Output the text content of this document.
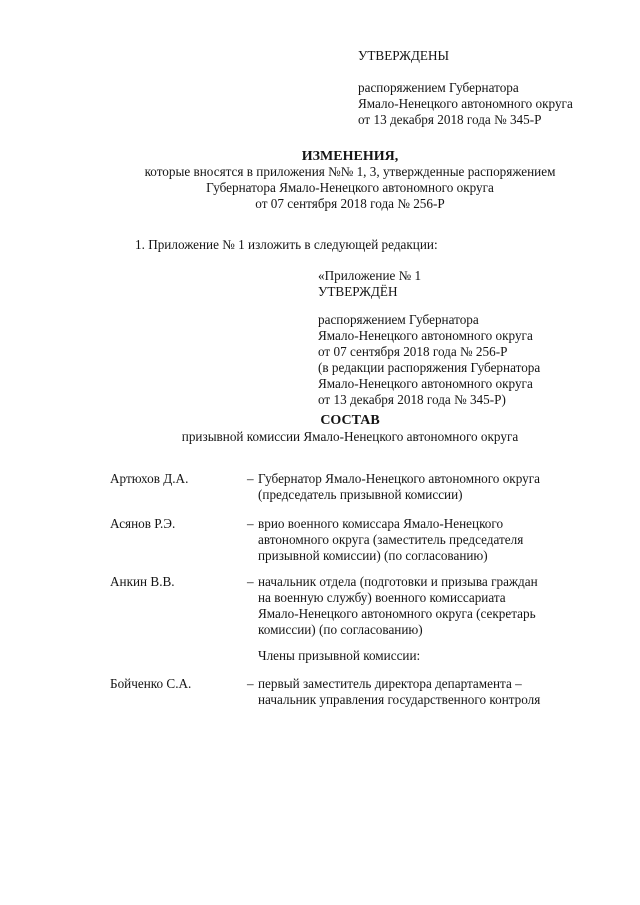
УТВЕРЖДЕНЫ
распоряжением Губернатора
Ямало-Ненецкого автономного округа
от 13 декабря 2018 года № 345-Р
ИЗМЕНЕНИЯ,
которые вносятся в приложения №№ 1, 3, утвержденные распоряжением
Губернатора Ямало-Ненецкого автономного округа
от 07 сентября 2018 года № 256-Р
1. Приложение № 1 изложить в следующей редакции:
«Приложение № 1
УТВЕРЖДЁН
распоряжением Губернатора
Ямало-Ненецкого автономного округа
от 07 сентября 2018 года № 256-Р
(в редакции распоряжения Губернатора
Ямало-Ненецкого автономного округа
от 13 декабря 2018 года № 345-Р)
СОСТАВ
призывной комиссии Ямало-Ненецкого автономного округа
Артюхов Д.А.	– Губернатор Ямало-Ненецкого автономного округа
(председатель призывной комиссии)
Асянов Р.Э.	– врио военного комиссара Ямало-Ненецкого
автономного округа (заместитель председателя
призывной комиссии) (по согласованию)
Анкин В.В.	– начальник отдела (подготовки и призыва граждан
на военную службу) военного комиссариата
Ямало-Ненецкого автономного округа (секретарь
комиссии) (по согласованию)
Члены призывной комиссии:
Бойченко С.А.	– первый заместитель директора департамента –
начальник управления государственного контроля
